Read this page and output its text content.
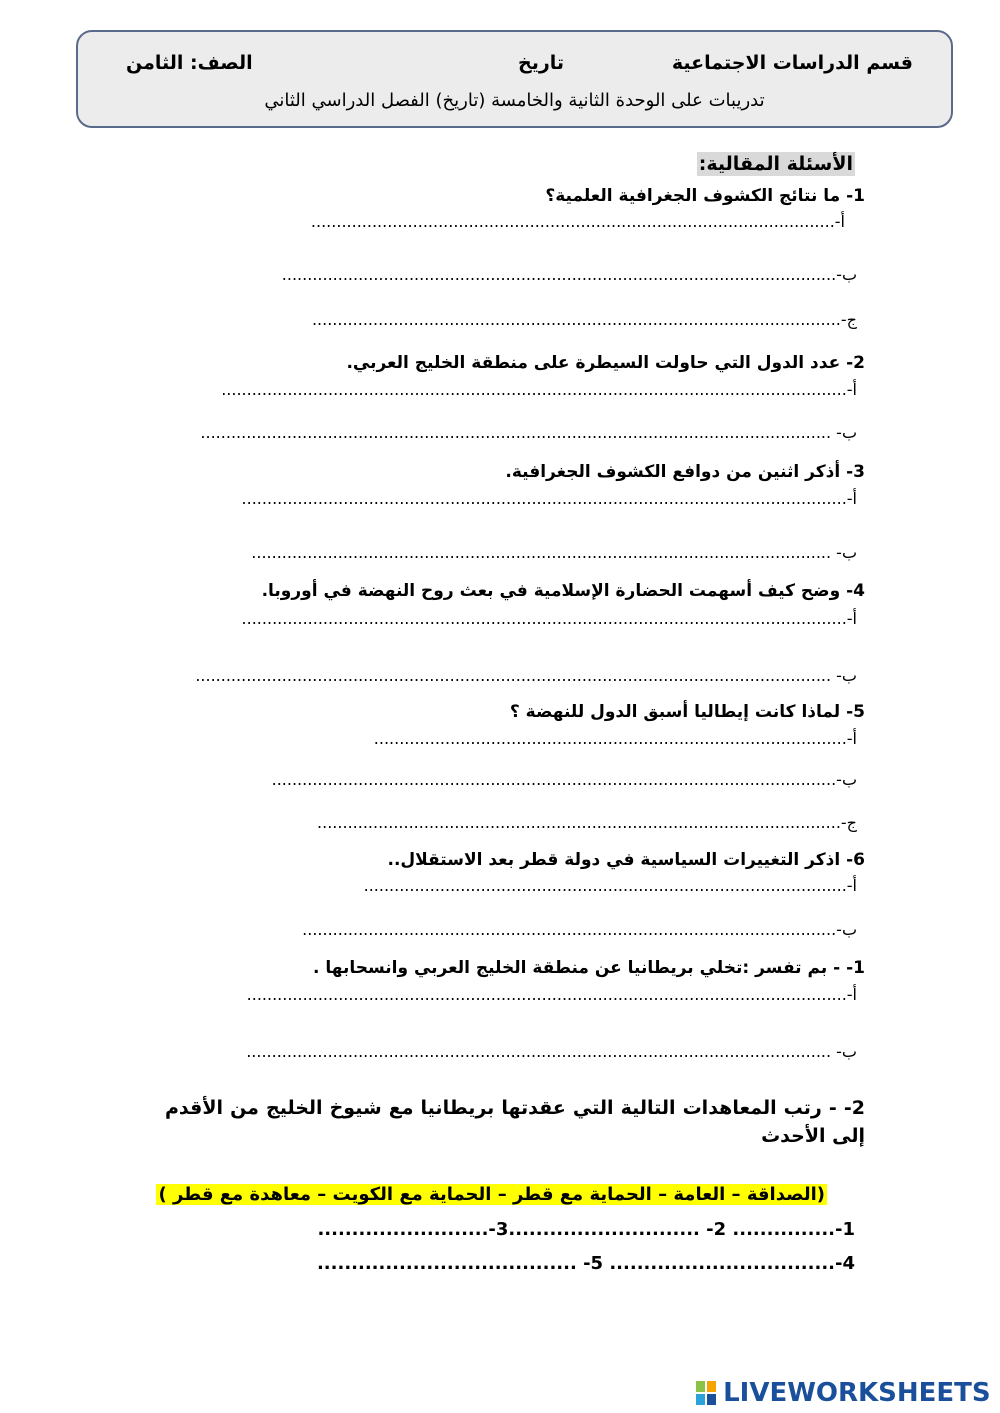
قسم الدراسات الاجتماعية
تاريخ
الصف: الثامن
تدريبات على الوحدة الثانية والخامسة (تاريخ) الفصل الدراسي الثاني
الأسئلة المقالية:
1- ما نتائج الكشوف الجغرافية العلمية؟
أ-.......................................................................................................
ب-.............................................................................................................
ج-........................................................................................................
2- عدد الدول التي حاولت السيطرة على منطقة الخليج العربي.
أ-...........................................................................................................................
ب- ............................................................................................................................
3- أذكر اثنين من دوافع الكشوف الجغرافية.
أ-.......................................................................................................................
ب- ..................................................................................................................
4- وضح كيف أسهمت الحضارة الإسلامية في بعث روح النهضة في أوروبا.
أ-.......................................................................................................................
ب- .............................................................................................................................
5- لماذا كانت إيطاليا أسبق الدول للنهضة ؟
أ-.............................................................................................
ب-...............................................................................................................
ج-.......................................................................................................
6- اذكر التغييرات السياسية في دولة قطر بعد الاستقلال..
أ-...............................................................................................
ب-.........................................................................................................
1- - بم تفسر :تخلي بريطانيا عن منطقة الخليج العربي وانسحابها .
أ-......................................................................................................................
ب- ...................................................................................................................
2- - رتب المعاهدات التالية التي عقدتها بريطانيا مع شيوخ الخليج من الأقدم إلى الأحدث
(الصداقة – العامة – الحماية مع قطر – الحماية مع الكويت – معاهدة مع قطر )
1-............... 2- ............................3-.........................
4-................................. 5- ......................................
LIVEWORKSHEETS
